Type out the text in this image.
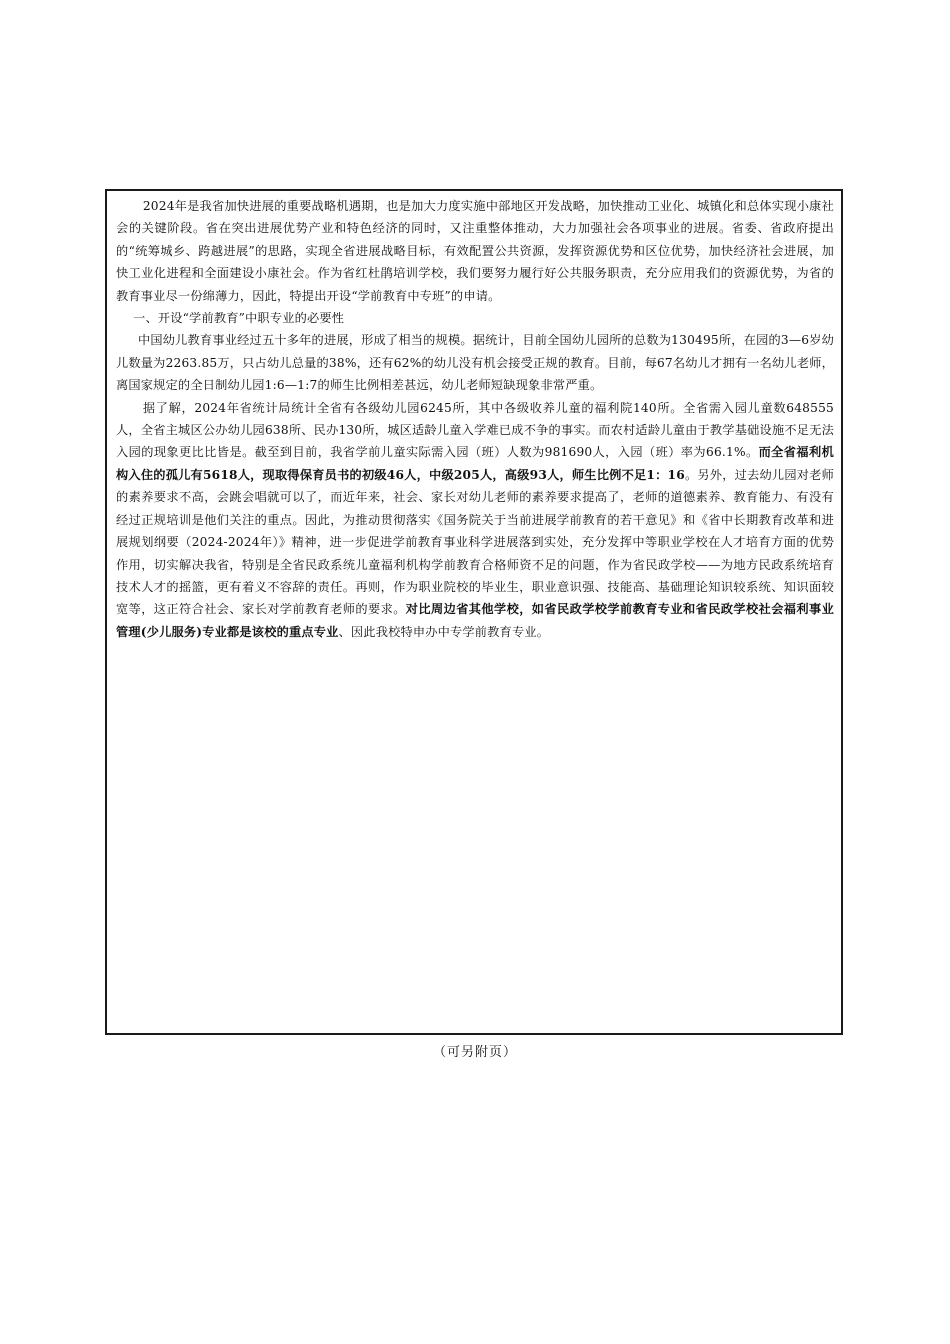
2024年是我省加快进展的重要战略机遇期，也是加大力度实施中部地区开发战略，加快推动工业化、城镇化和总体实现小康社会的关键阶段。省在突出进展优势产业和特色经济的同时，又注重整体推动，大力加强社会各项事业的进展。省委、省政府提出的“统筹城乡、跨越进展”的思路，实现全省进展战略目标，有效配置公共资源，发挥资源优势和区位优势，加快经济社会进展，加快工业化进程和全面建设小康社会。作为省红杜鹃培训学校，我们要努力履行好公共服务职责，充分应用我们的资源优势，为省的教育事业尽一份绵薄力，因此，特提出开设“学前教育中专班”的申请。

一、开设“学前教育”中职专业的必要性

中国幼儿教育事业经过五十多年的进展，形成了相当的规模。据统计，目前全国幼儿园所的总数为130495所，在园的3—6岁幼儿数量为2263.85万，只占幼儿总量的38%，还有62%的幼儿没有机会接受正规的教育。目前，每67名幼儿才拥有一名幼儿老师，离国家规定的全日制幼儿园1:6—1:7的师生比例相差甚远，幼儿老师短缺现象非常严重。

据了解，2024年省统计局统计全省有各级幼儿园6245所，其中各级收养儿童的福利院140所。全省需入园儿童数648555人，全省主城区公办幼儿园638所、民办130所，城区适龄儿童入学难已成不争的事实。而农村适龄儿童由于教学基础设施不足无法入园的现象更比比皆是。截至到目前，我省学前儿童实际需入园（班）人数为981690人，入园（班）率为66.1%。而全省福利机构入住的孤儿有5618人，现取得保育员书的初级46人，中级205人，高级93人，师生比例不足1：16。另外，过去幼儿园对老师的素养要求不高，会跳会唱就可以了，而近年来，社会、家长对幼儿老师的素养要求提高了，老师的道德素养、教育能力、有没有经过正规培训是他们关注的重点。因此，为推动贯彻落实《国务院关于当前进展学前教育的若干意见》和《省中长期教育改革和进展规划纲要（2024-2024年）》精神，进一步促进学前教育事业科学进展落到实处，充分发挥中等职业学校在人才培育方面的优势作用，切实解决我省，特别是全省民政系统儿童福利机构学前教育合格师资不足的问题，作为省民政学校——为地方民政系统培育技术人才的摇篮，更有着义不容辞的责任。再则，作为职业院校的毕业生，职业意识强、技能高、基础理论知识较系统、知识面较宽等，这正符合社会、家长对学前教育老师的要求。对比周边省其他学校，如省民政学校学前教育专业和省民政学校社会福利事业管理(少儿服务)专业都是该校的重点专业、因此我校特申办中专学前教育专业。

（可另附页）
